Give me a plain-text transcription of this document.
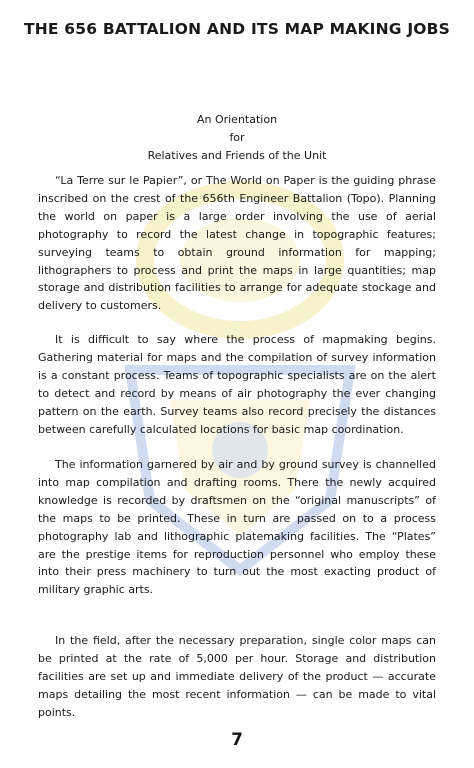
THE 656 BATTALION AND ITS MAP MAKING JOBS
An Orientation
for
Relatives and Friends of the Unit

“La Terre sur le Papier”, or The World on Paper is the guiding phrase inscribed on the crest of the 656th Engineer Battalion (Topo). Planning the world on paper is a large order involving the use of aerial photography to record the latest change in topographic features; surveying teams to obtain ground information for mapping; lithographers to process and print the maps in large quantities; map storage and distribution facilities to arrange for adequate stockage and delivery to customers.

It is difficult to say where the process of mapmaking begins. Gathering material for maps and the compilation of survey information is a constant process. Teams of topographic specialists are on the alert to detect and record by means of air photography the ever changing pattern on the earth. Survey teams also record precisely the distances between carefully calculated locations for basic map coordination.

The information garnered by air and by ground survey is channelled into map compilation and drafting rooms. There the newly acquired knowledge is recorded by draftsmen on the “original manuscripts” of the maps to be printed. These in turn are passed on to a process photography lab and lithographic platemaking facilities. The “Plates” are the prestige items for reproduction personnel who employ these into their press machinery to turn out the most exacting product of military graphic arts.

In the field, after the necessary preparation, single color maps can be printed at the rate of 5,000 per hour. Storage and distribution facilities are set up and immediate delivery of the product — accurate maps detailing the most recent information — can be made to vital points.

7
